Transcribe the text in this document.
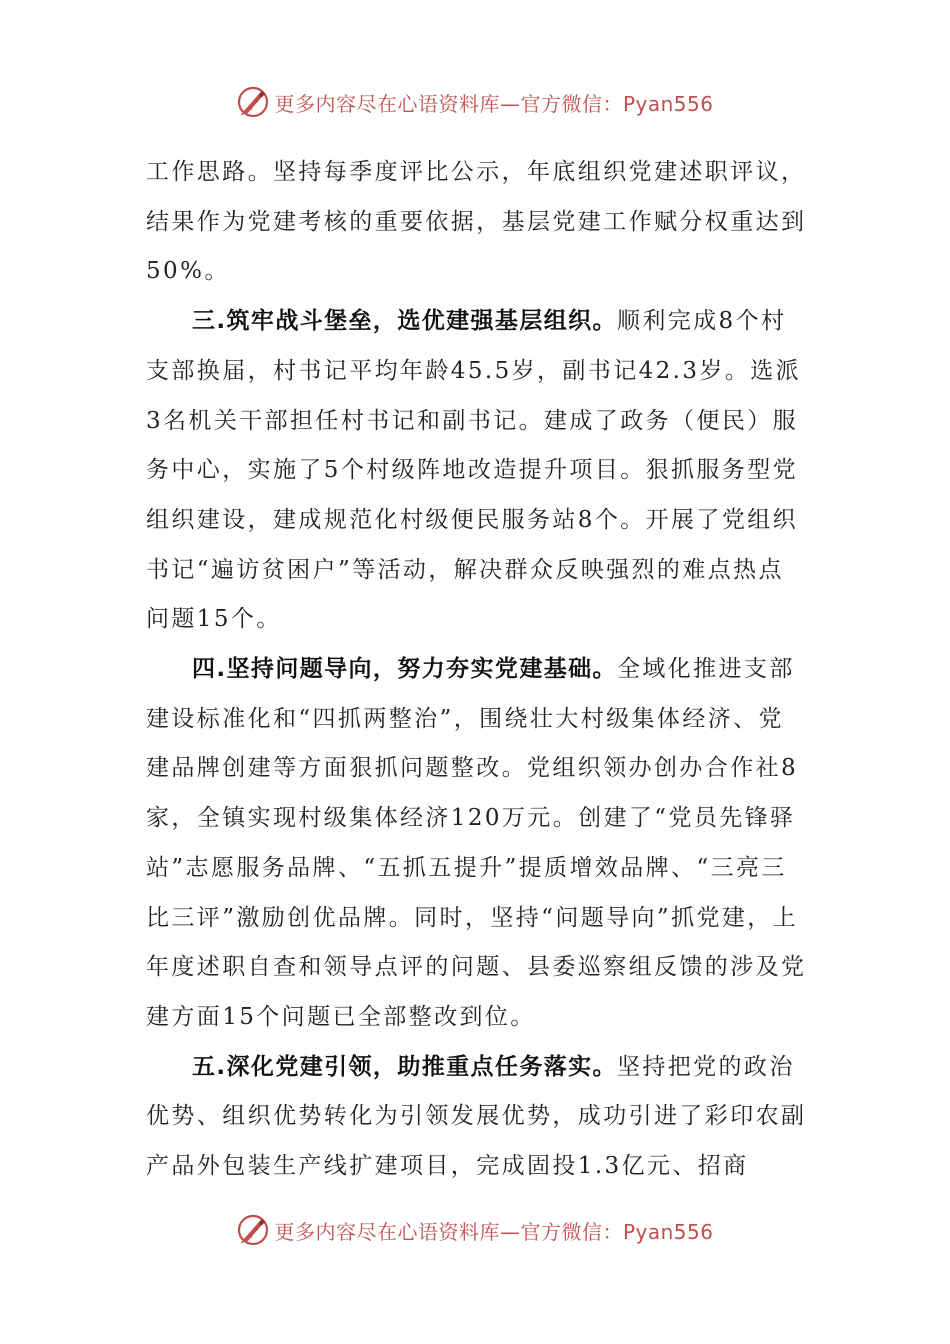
更多内容尽在心语资料库—官方微信：Pyan556

工作思路。坚持每季度评比公示，年底组织党建述职评议，结果作为党建考核的重要依据，基层党建工作赋分权重达到50%。

三.筑牢战斗堡垒，选优建强基层组织。顺利完成8个村支部换届，村书记平均年龄45.5岁，副书记42.3岁。选派3名机关干部担任村书记和副书记。建成了政务（便民）服务中心，实施了5个村级阵地改造提升项目。狠抓服务型党组织建设，建成规范化村级便民服务站8个。开展了党组织书记“遍访贫困户”等活动，解决群众反映强烈的难点热点问题15个。

四.坚持问题导向，努力夯实党建基础。全域化推进支部建设标准化和“四抓两整治”，围绕壮大村级集体经济、党建品牌创建等方面狠抓问题整改。党组织领办创办合作社8家，全镇实现村级集体经济120万元。创建了“党员先锋驿站”志愿服务品牌、“五抓五提升”提质增效品牌、“三亮三比三评”激励创优品牌。同时，坚持“问题导向”抓党建，上年度述职自查和领导点评的问题、县委巡察组反馈的涉及党建方面15个问题已全部整改到位。

五.深化党建引领，助推重点任务落实。坚持把党的政治优势、组织优势转化为引领发展优势，成功引进了彩印农副产品外包装生产线扩建项目，完成固投1.3亿元、招商

更多内容尽在心语资料库—官方微信：Pyan556
